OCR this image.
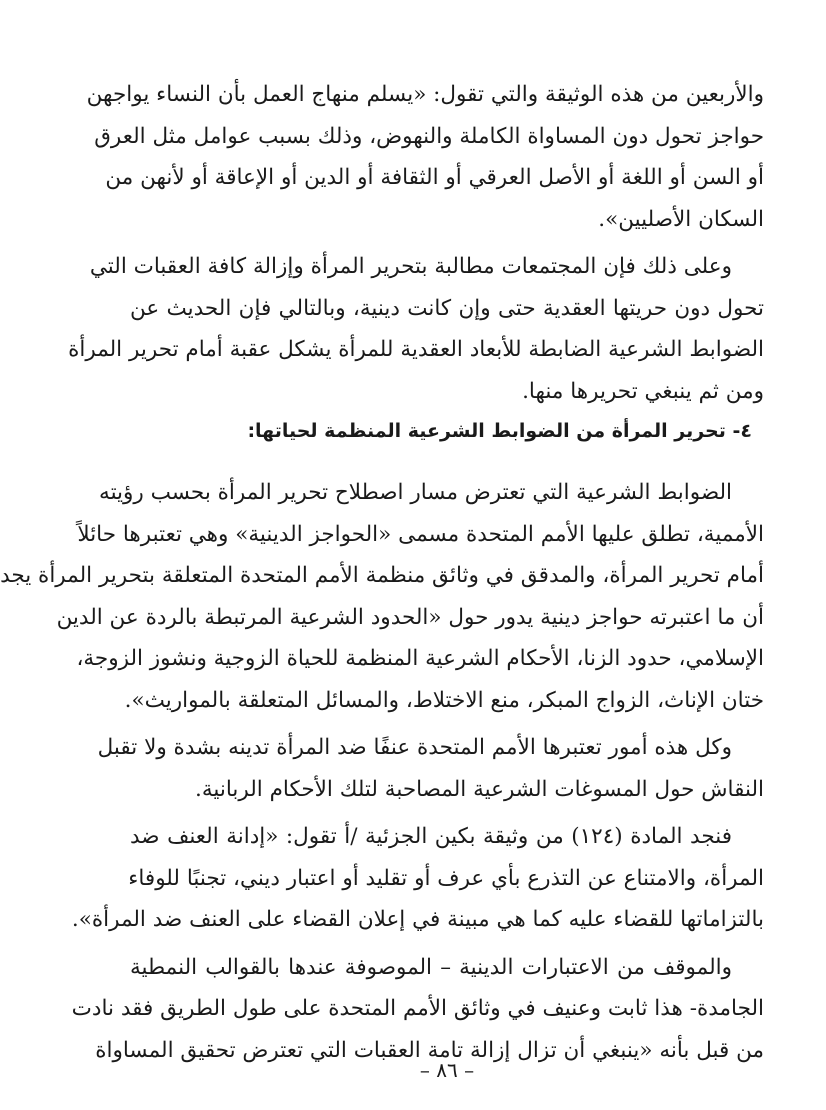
والأربعين من هذه الوثيقة والتي تقول: «يسلم منهاج العمل بأن النساء يواجهن
حواجز تحول دون المساواة الكاملة والنهوض، وذلك بسبب عوامل مثل العرق
أو السن أو اللغة أو الأصل العرقي أو الثقافة أو الدين أو الإعاقة أو لأنهن من
السكان الأصليين».
وعلى ذلك فإن المجتمعات مطالبة بتحرير المرأة وإزالة كافة العقبات التي
تحول دون حريتها العقدية حتى وإن كانت دينية، وبالتالي فإن الحديث عن
الضوابط الشرعية الضابطة للأبعاد العقدية للمرأة يشكل عقبة أمام تحرير المرأة
ومن ثم ينبغي تحريرها منها.
٤- تحرير المرأة من الضوابط الشرعية المنظمة لحياتها:
الضوابط الشرعية التي تعترض مسار اصطلاح تحرير المرأة بحسب رؤيته
الأممية، تطلق عليها الأمم المتحدة مسمى «الحواجز الدينية» وهي تعتبرها حائلاً
أمام تحرير المرأة، والمدقق في وثائق منظمة الأمم المتحدة المتعلقة بتحرير المرأة يجد
أن ما اعتبرته حواجز دينية يدور حول «الحدود الشرعية المرتبطة بالردة عن الدين
الإسلامي، حدود الزنا، الأحكام الشرعية المنظمة للحياة الزوجية ونشوز الزوجة،
ختان الإناث، الزواج المبكر، منع الاختلاط، والمسائل المتعلقة بالمواريث».
وكل هذه أمور تعتبرها الأمم المتحدة عنفًا ضد المرأة تدينه بشدة ولا تقبل
النقاش حول المسوغات الشرعية المصاحبة لتلك الأحكام الربانية.
فنجد المادة (١٢٤) من وثيقة بكين الجزئية /أ تقول: «إدانة العنف ضد
المرأة، والامتناع عن التذرع بأي عرف أو تقليد أو اعتبار ديني، تجنبًا للوفاء
بالتزاماتها للقضاء عليه كما هي مبينة في إعلان القضاء على العنف ضد المرأة».
والموقف من الاعتبارات الدينية – الموصوفة عندها بالقوالب النمطية
الجامدة- هذا ثابت وعنيف في وثائق الأمم المتحدة على طول الطريق فقد نادت
من قبل بأنه «ينبغي أن تزال إزالة تامة العقبات التي تعترض تحقيق المساواة
– ٨٦ –
